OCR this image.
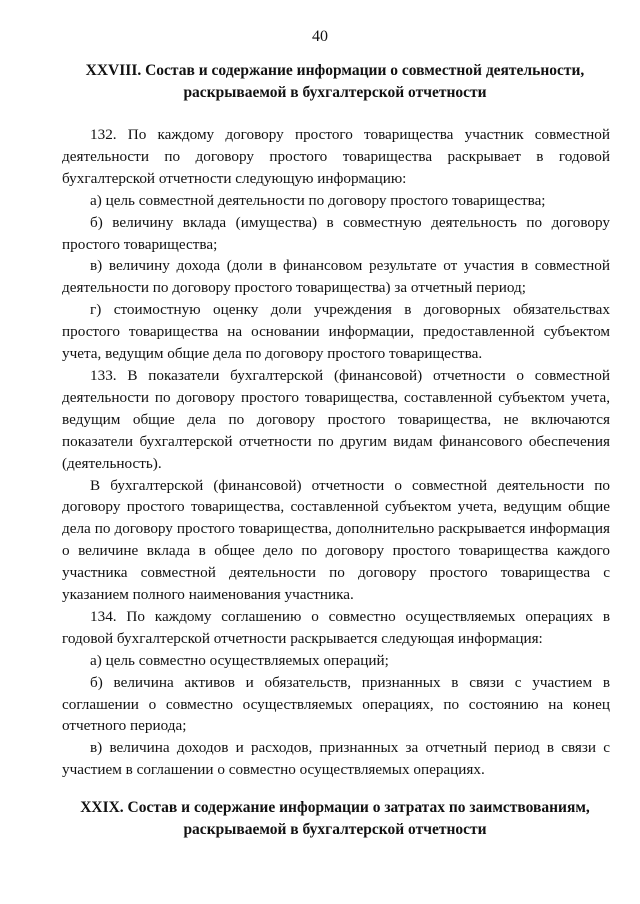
40
XXVIII. Состав и содержание информации о совместной деятельности,
раскрываемой в бухгалтерской отчетности

132. По каждому договору простого товарищества участник совместной деятельности по договору простого товарищества раскрывает в годовой бухгалтерской отчетности следующую информацию:

а) цель совместной деятельности по договору простого товарищества;

б) величину вклада (имущества) в совместную деятельность по договору простого товарищества;

в) величину дохода (доли в финансовом результате от участия в совместной деятельности по договору простого товарищества) за отчетный период;

г) стоимостную оценку доли учреждения в договорных обязательствах простого товарищества на основании информации, предоставленной субъектом учета, ведущим общие дела по договору простого товарищества.

133. В показатели бухгалтерской (финансовой) отчетности о совместной деятельности по договору простого товарищества, составленной субъектом учета, ведущим общие дела по договору простого товарищества, не включаются показатели бухгалтерской отчетности по другим видам финансового обеспечения (деятельность).

В бухгалтерской (финансовой) отчетности о совместной деятельности по договору простого товарищества, составленной субъектом учета, ведущим общие дела по договору простого товарищества, дополнительно раскрывается информация о величине вклада в общее дело по договору простого товарищества каждого участника совместной деятельности по договору простого товарищества с указанием полного наименования участника.

134. По каждому соглашению о совместно осуществляемых операциях в годовой бухгалтерской отчетности раскрывается следующая информация:

а) цель совместно осуществляемых операций;

б) величина активов и обязательств, признанных в связи с участием в соглашении о совместно осуществляемых операциях, по состоянию на конец отчетного периода;

в) величина доходов и расходов, признанных за отчетный период в связи с участием в соглашении о совместно осуществляемых операциях.

XXIX. Состав и содержание информации о затратах по заимствованиям,
раскрываемой в бухгалтерской отчетности
